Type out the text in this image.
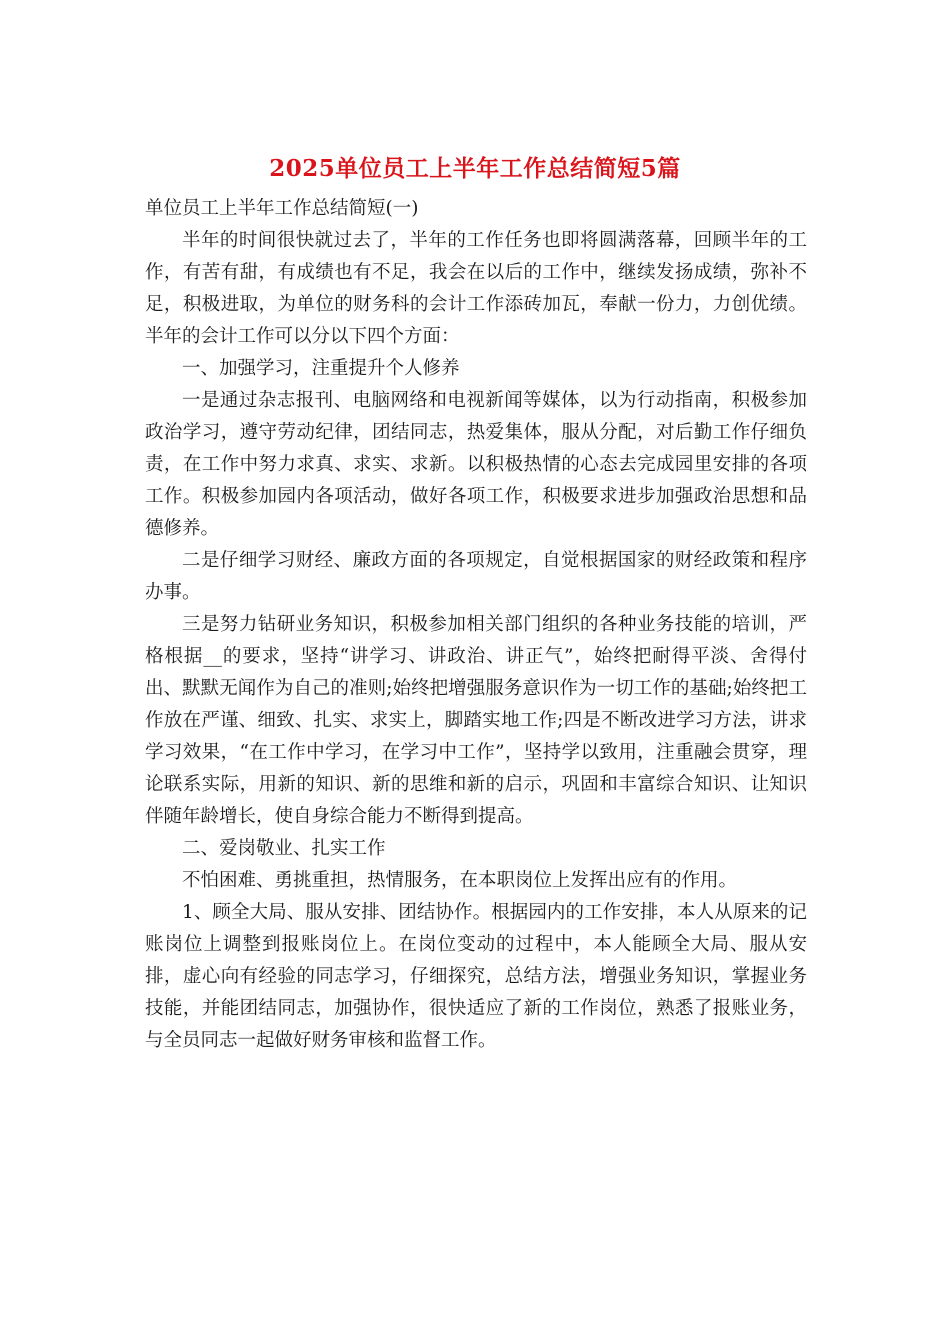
2025单位员工上半年工作总结简短5篇

单位员工上半年工作总结简短(一)

半年的时间很快就过去了，半年的工作任务也即将圆满落幕，回顾半年的工作，有苦有甜，有成绩也有不足，我会在以后的工作中，继续发扬成绩，弥补不足，积极进取，为单位的财务科的会计工作添砖加瓦，奉献一份力，力创优绩。半年的会计工作可以分以下四个方面：

一、加强学习，注重提升个人修养

一是通过杂志报刊、电脑网络和电视新闻等媒体，以为行动指南，积极参加政治学习，遵守劳动纪律，团结同志，热爱集体，服从分配，对后勤工作仔细负责，在工作中努力求真、求实、求新。以积极热情的心态去完成园里安排的各项工作。积极参加园内各项活动，做好各项工作，积极要求进步加强政治思想和品德修养。

二是仔细学习财经、廉政方面的各项规定，自觉根据国家的财经政策和程序办事。

三是努力钻研业务知识，积极参加相关部门组织的各种业务技能的培训，严格根据__的要求，坚持“讲学习、讲政治、讲正气”，始终把耐得平淡、舍得付出、默默无闻作为自己的准则;始终把增强服务意识作为一切工作的基础;始终把工作放在严谨、细致、扎实、求实上，脚踏实地工作;四是不断改进学习方法，讲求学习效果，“在工作中学习，在学习中工作”，坚持学以致用，注重融会贯穿，理论联系实际，用新的知识、新的思维和新的启示，巩固和丰富综合知识、让知识伴随年龄增长，使自身综合能力不断得到提高。

二、爱岗敬业、扎实工作

不怕困难、勇挑重担，热情服务，在本职岗位上发挥出应有的作用。

1、顾全大局、服从安排、团结协作。根据园内的工作安排，本人从原来的记账岗位上调整到报账岗位上。在岗位变动的过程中，本人能顾全大局、服从安排，虚心向有经验的同志学习，仔细探究，总结方法，增强业务知识，掌握业务技能，并能团结同志，加强协作，很快适应了新的工作岗位，熟悉了报账业务，与全员同志一起做好财务审核和监督工作。
